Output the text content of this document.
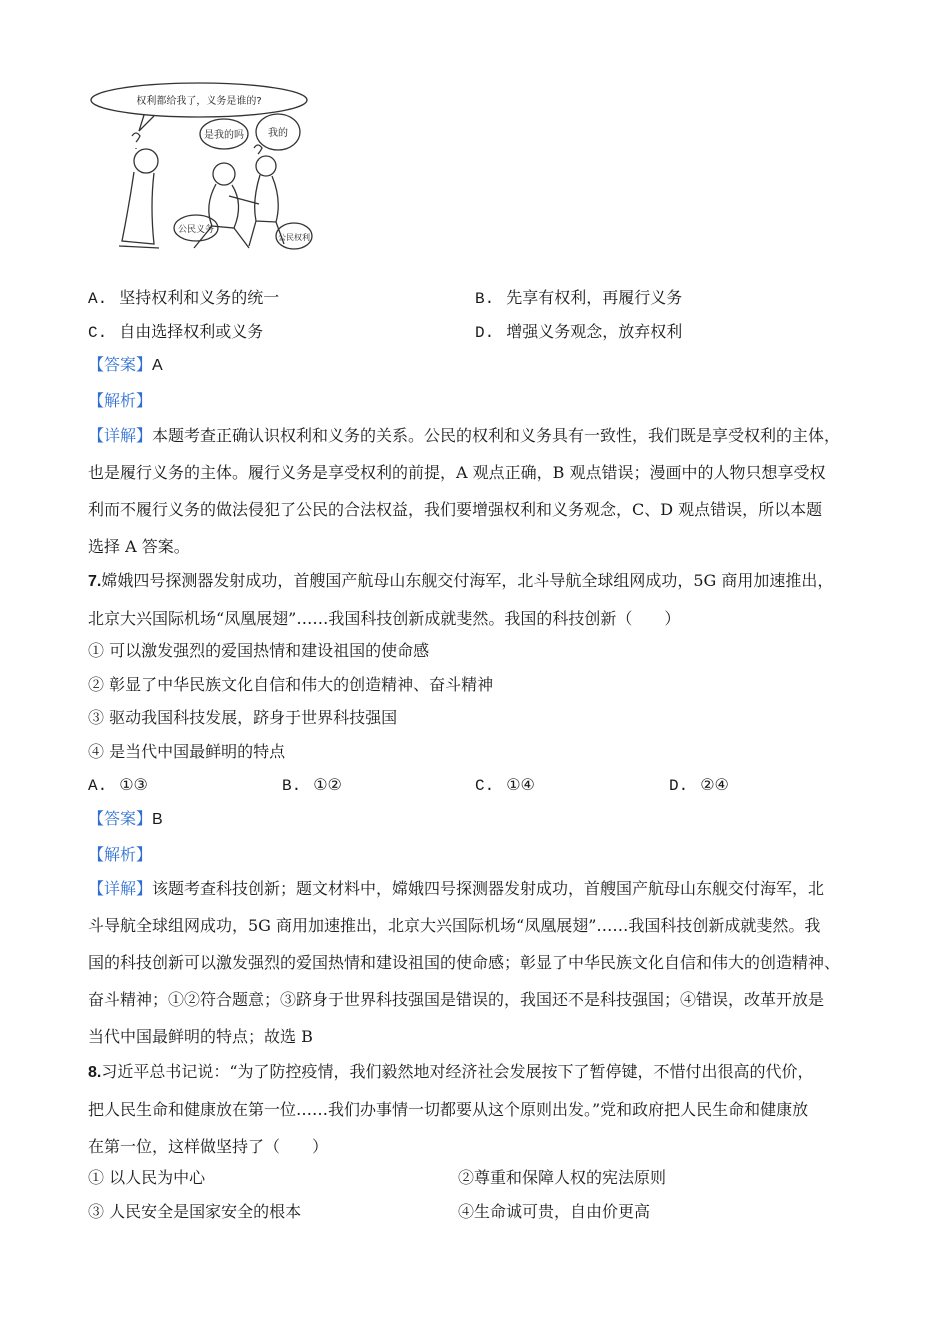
权利都给我了，义务是谁的?
是我的吗 我的
公民义务
公民权利
A. 坚持权利和义务的统一	B. 先享有权利，再履行义务
C. 自由选择权利或义务	D. 增强义务观念，放弃权利
【答案】A
【解析】
【详解】本题考查正确认识权利和义务的关系。公民的权利和义务具有一致性，我们既是享受权利的主体，
也是履行义务的主体。履行义务是享受权利的前提，A 观点正确，B 观点错误；漫画中的人物只想享受权
利而不履行义务的做法侵犯了公民的合法权益，我们要增强权利和义务观念，C、D 观点错误，所以本题
选择 A 答案。
7.嫦娥四号探测器发射成功，首艘国产航母山东舰交付海军，北斗导航全球组网成功，5G 商用加速推出，
北京大兴国际机场“凤凰展翅”……我国科技创新成就斐然。我国的科技创新（　　）
① 可以激发强烈的爱国热情和建设祖国的使命感
② 彰显了中华民族文化自信和伟大的创造精神、奋斗精神
③ 驱动我国科技发展，跻身于世界科技强国
④ 是当代中国最鲜明的特点
A. ①③	B. ①②	C. ①④	D. ②④
【答案】B
【解析】
【详解】该题考查科技创新；题文材料中，嫦娥四号探测器发射成功，首艘国产航母山东舰交付海军，北
斗导航全球组网成功，5G 商用加速推出，北京大兴国际机场“凤凰展翅”……我国科技创新成就斐然。我
国的科技创新可以激发强烈的爱国热情和建设祖国的使命感；彰显了中华民族文化自信和伟大的创造精神、
奋斗精神；①②符合题意；③跻身于世界科技强国是错误的，我国还不是科技强国；④错误，改革开放是
当代中国最鲜明的特点；故选 B
8.习近平总书记说：“为了防控疫情，我们毅然地对经济社会发展按下了暂停键，不惜付出很高的代价，
把人民生命和健康放在第一位……我们办事情一切都要从这个原则出发。”党和政府把人民生命和健康放
在第一位，这样做坚持了（　　）
① 以人民为中心	②尊重和保障人权的宪法原则
③ 人民安全是国家安全的根本	④生命诚可贵，自由价更高
